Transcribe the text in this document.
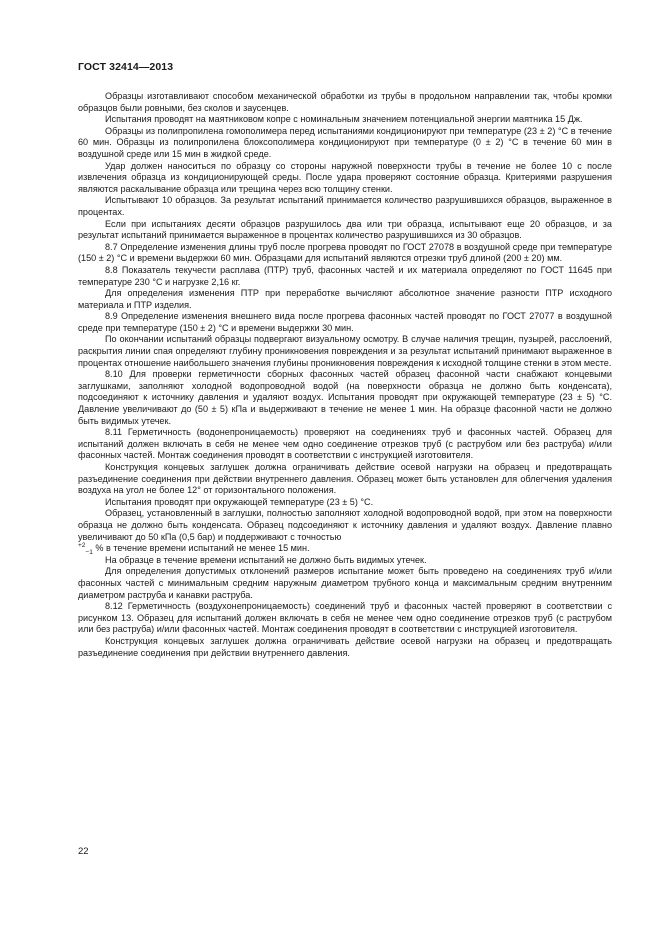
ГОСТ 32414—2013

Образцы изготавливают способом механической обработки из трубы в продольном направлении так, чтобы кромки образцов были ровными, без сколов и заусенцев.

Испытания проводят на маятниковом копре с номинальным значением потенциальной энергии маятника 15 Дж.

Образцы из полипропилена гомополимера перед испытаниями кондиционируют при температуре (23 ± 2) °С в течение 60 мин. Образцы из полипропилена блоксополимера кондиционируют при температуре (0 ± 2) °С в течение 60 мин в воздушной среде или 15 мин в жидкой среде.

Удар должен наноситься по образцу со стороны наружной поверхности трубы в течение не более 10 с после извлечения образца из кондиционирующей среды. После удара проверяют состояние образца. Критериями разрушения являются раскалывание образца или трещина через всю толщину стенки.

Испытывают 10 образцов. За результат испытаний принимается количество разрушившихся образцов, выраженное в процентах.

Если при испытаниях десяти образцов разрушилось два или три образца, испытывают еще 20 образцов, и за результат испытаний принимается выраженное в процентах количество разрушившихся из 30 образцов.

8.7 Определение изменения длины труб после прогрева проводят по ГОСТ 27078 в воздушной среде при температуре (150 ± 2) °С и времени выдержки 60 мин. Образцами для испытаний являются отрезки труб длиной (200 ± 20) мм.

8.8 Показатель текучести расплава (ПТР) труб, фасонных частей и их материала определяют по ГОСТ 11645 при температуре 230 °С и нагрузке 2,16 кг.

Для определения изменения ПТР при переработке вычисляют абсолютное значение разности ПТР исходного материала и ПТР изделия.

8.9 Определение изменения внешнего вида после прогрева фасонных частей проводят по ГОСТ 27077 в воздушной среде при температуре (150 ± 2) °С и времени выдержки 30 мин.

По окончании испытаний образцы подвергают визуальному осмотру. В случае наличия трещин, пузырей, расслоений, раскрытия линии спая определяют глубину проникновения повреждения и за результат испытаний принимают выраженное в процентах отношение наибольшего значения глубины проникновения повреждения к исходной толщине стенки в этом месте.

8.10 Для проверки герметичности сборных фасонных частей образец фасонной части снабжают концевыми заглушками, заполняют холодной водопроводной водой (на поверхности образца не должно быть конденсата), подсоединяют к источнику давления и удаляют воздух. Испытания проводят при окружающей температуре (23 ± 5) °С. Давление увеличивают до (50 ± 5) кПа и выдерживают в течение не менее 1 мин. На образце фасонной части не должно быть видимых утечек.

8.11 Герметичность (водонепроницаемость) проверяют на соединениях труб и фасонных частей. Образец для испытаний должен включать в себя не менее чем одно соединение отрезков труб (с раструбом или без раструба) и/или фасонных частей. Монтаж соединения проводят в соответствии с инструкцией изготовителя.

Конструкция концевых заглушек должна ограничивать действие осевой нагрузки на образец и предотвращать разъединение соединения при действии внутреннего давления. Образец может быть установлен для облегчения удаления воздуха на угол не более 12° от горизонтального положения.

Испытания проводят при окружающей температуре (23 ± 5) °С.

Образец, установленный в заглушки, полностью заполняют холодной водопроводной водой, при этом на поверхности образца не должно быть конденсата. Образец подсоединяют к источнику давления и удаляют воздух. Давление плавно увеличивают до 50 кПа (0,5 бар) и поддерживают с точностью

$^{+2}_{-1}$ % в течение времени испытаний не менее 15 мин.

На образце в течение времени испытаний не должно быть видимых утечек.

Для определения допустимых отклонений размеров испытание может быть проведено на соединениях труб и/или фасонных частей с минимальным средним наружным диаметром трубного конца и максимальным средним внутренним диаметром раструба и канавки раструба.

8.12 Герметичность (воздухонепроницаемость) соединений труб и фасонных частей проверяют в соответствии с рисунком 13. Образец для испытаний должен включать в себя не менее чем одно соединение отрезков труб (с раструбом или без раструба) и/или фасонных частей. Монтаж соединения проводят в соответствии с инструкцией изготовителя.

Конструкция концевых заглушек должна ограничивать действие осевой нагрузки на образец и предотвращать разъединение соединения при действии внутреннего давления.

22
